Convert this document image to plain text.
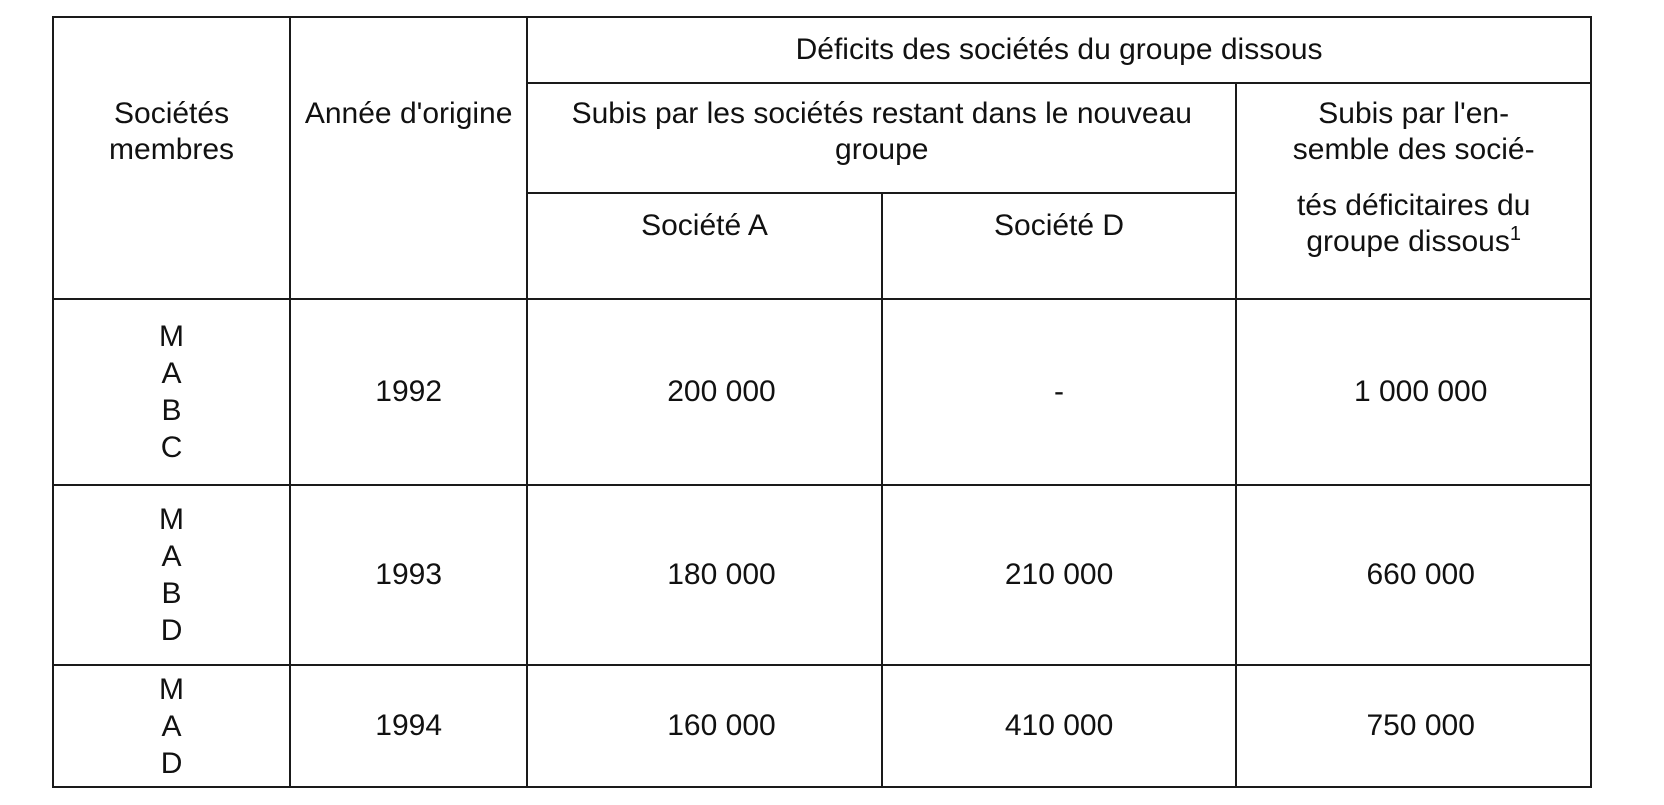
Sociétés membres	Année d'origine	Déficits des sociétés du groupe dissous		
		Subis par les sociétés restant dans le nouveau groupe		Subis par l'en-
semble des socié-
tés déficitaires du
groupe dissous$^1$

		Société A	Société D	

M
A
B
C	1992	200 000	-	1 000 000

M
A
B
D	1993	180 000	210 000	660 000

M
A
D	1994	160 000	410 000	750 000
